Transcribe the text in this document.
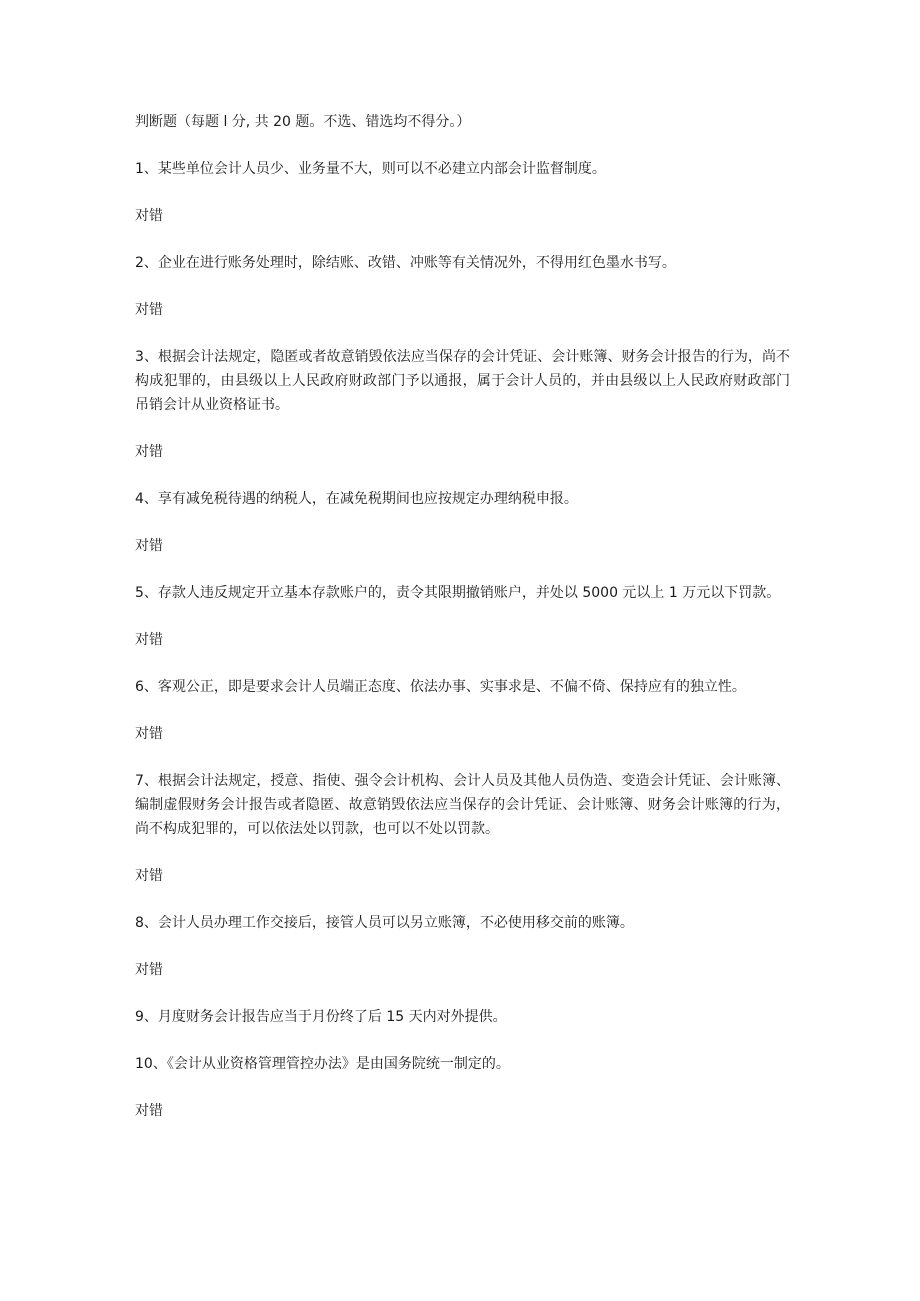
判断题（每题 l 分, 共 20 题。不选、错选均不得分。）
1、某些单位会计人员少、业务量不大，则可以不必建立内部会计监督制度。
对错
2、企业在进行账务处理时，除结账、改错、冲账等有关情况外，不得用红色墨水书写。
对错
3、根据会计法规定，隐匿或者故意销毁依法应当保存的会计凭证、会计账簿、财务会计报告的行为，尚不构成犯罪的，由县级以上人民政府财政部门予以通报，属于会计人员的，并由县级以上人民政府财政部门吊销会计从业资格证书。
对错
4、享有减免税待遇的纳税人，在减免税期间也应按规定办理纳税申报。
对错
5、存款人违反规定开立基本存款账户的，责令其限期撤销账户，并处以 5000 元以上 1 万元以下罚款。
对错
6、客观公正，即是要求会计人员端正态度、依法办事、实事求是、不偏不倚、保持应有的独立性。
对错
7、根据会计法规定，授意、指使、强令会计机构、会计人员及其他人员伪造、变造会计凭证、会计账簿、编制虚假财务会计报告或者隐匿、故意销毁依法应当保存的会计凭证、会计账簿、财务会计账簿的行为，尚不构成犯罪的，可以依法处以罚款，也可以不处以罚款。
对错
8、会计人员办理工作交接后，接管人员可以另立账簿，不必使用移交前的账簿。
对错
9、月度财务会计报告应当于月份终了后 15 天内对外提供。
10、《会计从业资格管理管控办法》是由国务院统一制定的。
对错
